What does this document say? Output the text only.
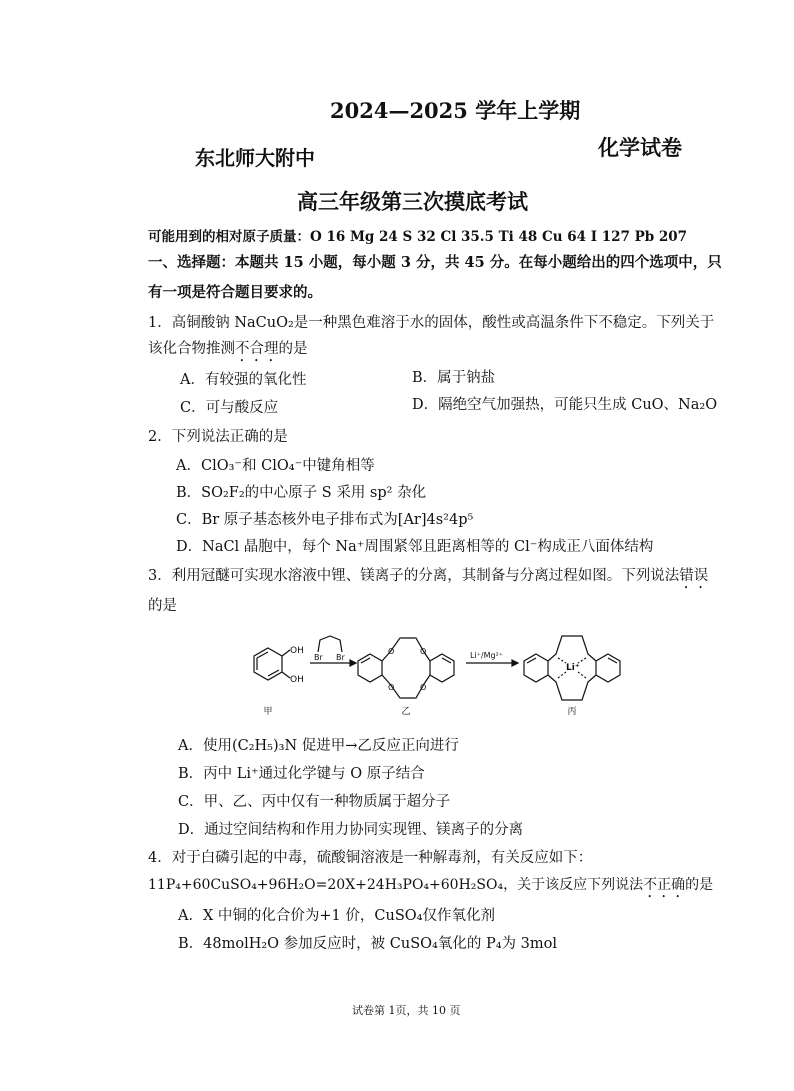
2024—2025 学年上学期
东北师大附中	化学试卷
高三年级第三次摸底考试
可能用到的相对原子质量：O 16 Mg 24 S 32 Cl 35.5 Ti 48 Cu 64 I 127 Pb 207
一、选择题：本题共 15 小题，每小题 3 分，共 45 分。在每小题给出的四个选项中，只
有一项是符合题目要求的。
1．高铜酸钠 NaCuO₂是一种黑色难溶于水的固体，酸性或高温条件下不稳定。下列关于
该化合物推测不合理的是
A．有较强的氧化性	B．属于钠盐
C．可与酸反应	D．隔绝空气加强热，可能只生成 CuO、Na₂O
2．下列说法正确的是
A．ClO₃⁻和 ClO₄⁻中键角相等
B．SO₂F₂的中心原子 S 采用 sp² 杂化
C．Br 原子基态核外电子排布式为[Ar]4s²4p⁵
D．NaCl 晶胞中，每个 Na⁺周围紧邻且距离相等的 Cl⁻构成正八面体结构
3．利用冠醚可实现水溶液中锂、镁离子的分离，其制备与分离过程如图。下列说法错误
的是
OH
OH
甲
Br Br
O	O
O	O
乙
Li⁺/Mg²⁺
Li⁺
丙
A．使用(C₂H₅)₃N 促进甲→乙反应正向进行
B．丙中 Li⁺通过化学键与 O 原子结合
C．甲、乙、丙中仅有一种物质属于超分子
D．通过空间结构和作用力协同实现锂、镁离子的分离
4．对于白磷引起的中毒，硫酸铜溶液是一种解毒剂，有关反应如下：
11P₄+60CuSO₄+96H₂O=20X+24H₃PO₄+60H₂SO₄，关于该反应下列说法不正确的是
A．X 中铜的化合价为+1 价，CuSO₄仅作氧化剂
B．48molH₂O 参加反应时，被 CuSO₄氧化的 P₄为 3mol
试卷第 1页，共 10 页
